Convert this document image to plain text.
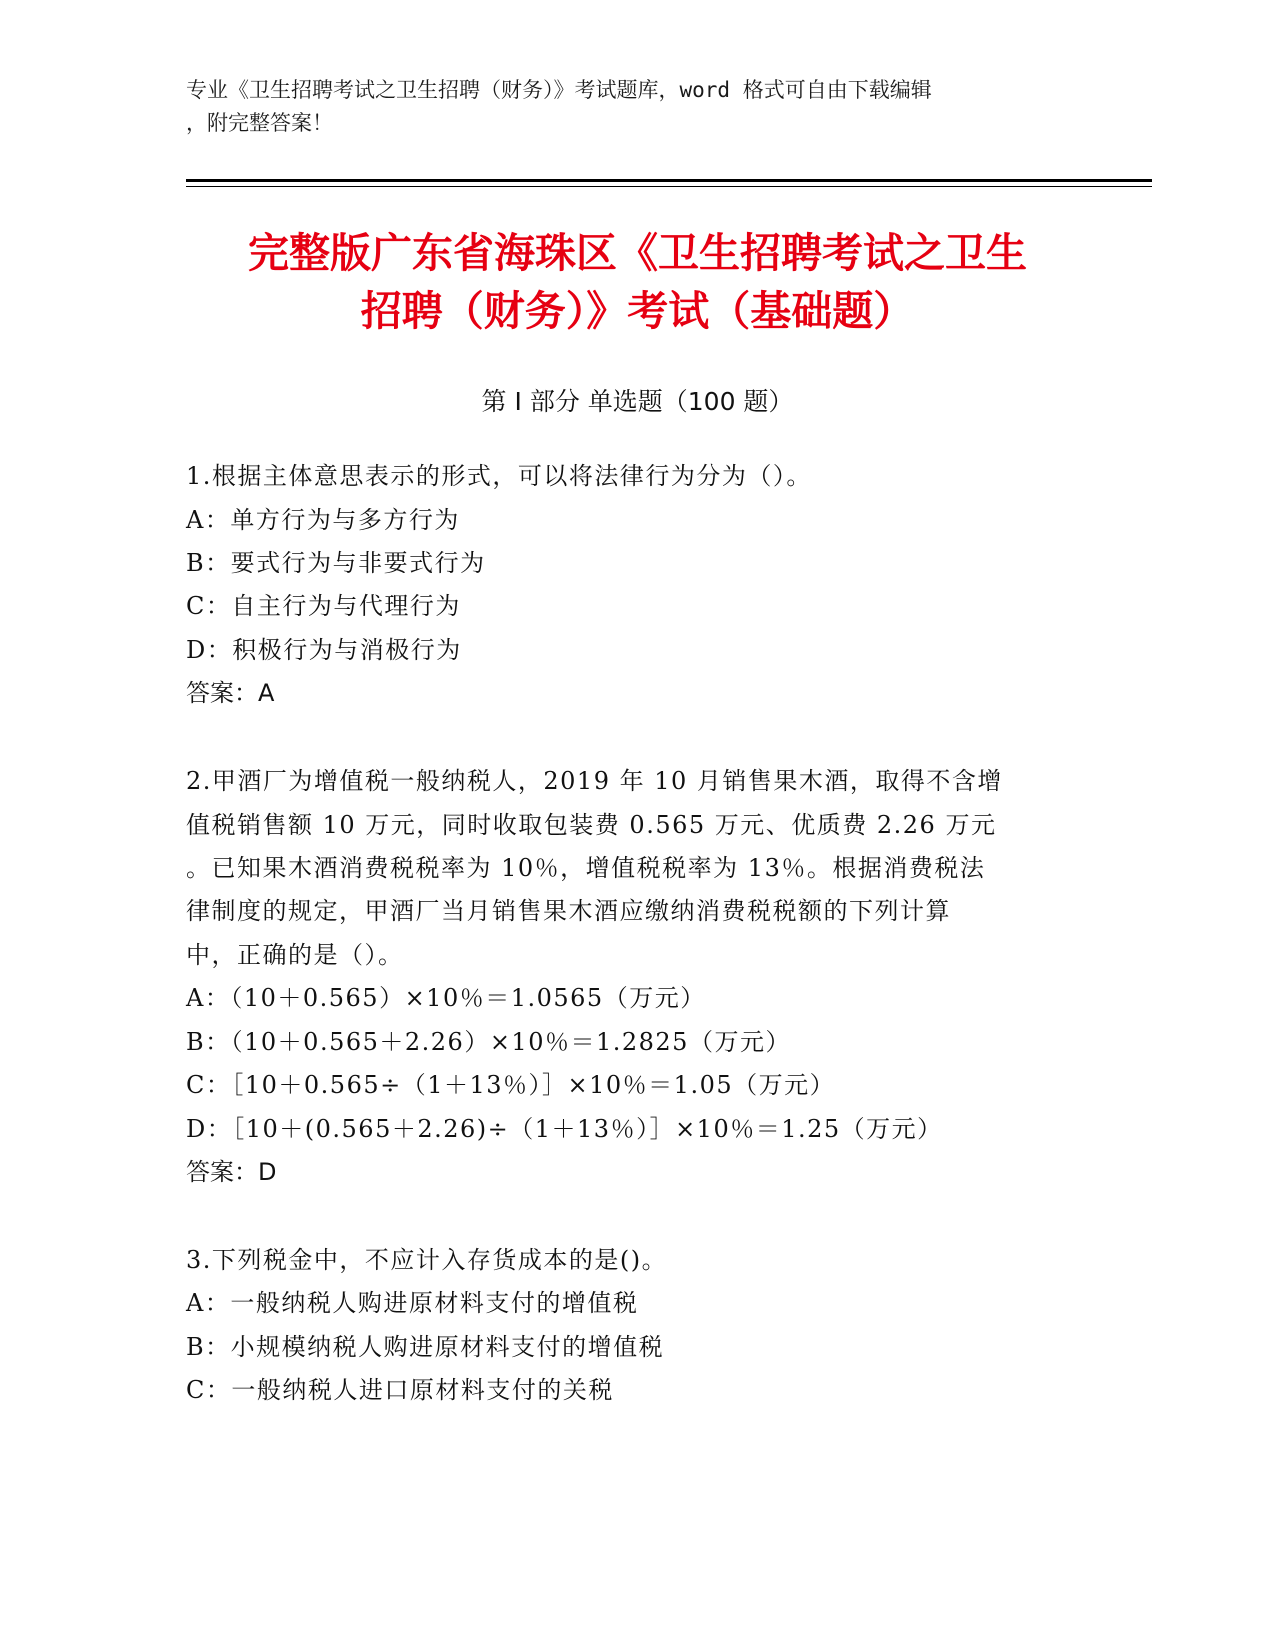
专业《卫生招聘考试之卫生招聘（财务）》考试题库，word 格式可自由下载编辑
，附完整答案！
完整版广东省海珠区《卫生招聘考试之卫生
招聘（财务）》考试（基础题）
第 I 部分 单选题（100 题）
1.根据主体意思表示的形式，可以将法律行为分为（）。
A：单方行为与多方行为
B：要式行为与非要式行为
C：自主行为与代理行为
D：积极行为与消极行为
答案：A
2.甲酒厂为增值税一般纳税人，2019 年 10 月销售果木酒，取得不含增
值税销售额 10 万元，同时收取包装费 0.565 万元、优质费 2.26 万元
。已知果木酒消费税税率为 10％，增值税税率为 13％。根据消费税法
律制度的规定，甲酒厂当月销售果木酒应缴纳消费税税额的下列计算
中，正确的是（）。
A：（10＋0.565）×10％＝1.0565（万元）
B：（10＋0.565＋2.26）×10％＝1.2825（万元）
C：［10＋0.565÷（1＋13％）］×10％＝1.05（万元）
D：［10＋(0.565＋2.26)÷（1＋13％）］×10％＝1.25（万元）
答案：D
3.下列税金中，不应计入存货成本的是()。
A：一般纳税人购进原材料支付的增值税
B：小规模纳税人购进原材料支付的增值税
C：一般纳税人进口原材料支付的关税
